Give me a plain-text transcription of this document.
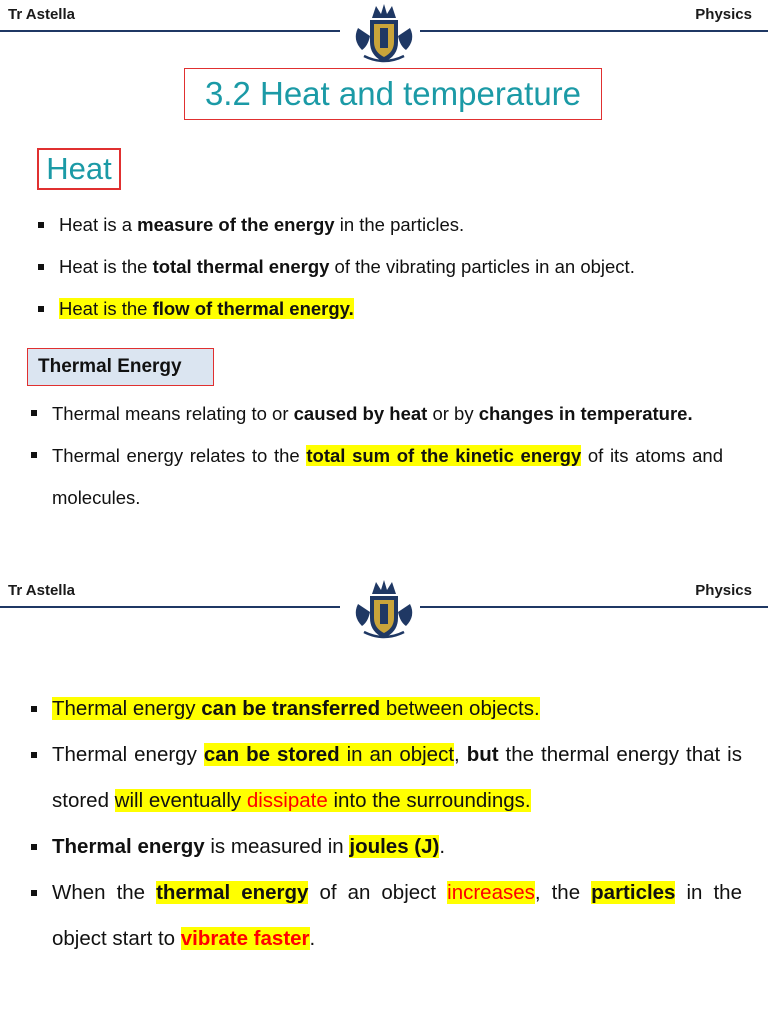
Tr Astella	Physics
3.2 Heat and temperature
Heat
Heat is a measure of the energy in the particles.
Heat is the total thermal energy of the vibrating particles in an object.
Heat is the flow of thermal energy.
Thermal Energy
Thermal means relating to or caused by heat or by changes in temperature.
Thermal energy relates to the total sum of the kinetic energy of its atoms and molecules.
Tr Astella	Physics
Thermal energy can be transferred between objects.
Thermal energy can be stored in an object, but the thermal energy that is stored will eventually dissipate into the surroundings.
Thermal energy is measured in joules (J).
When the thermal energy of an object increases, the particles in the object start to vibrate faster.
